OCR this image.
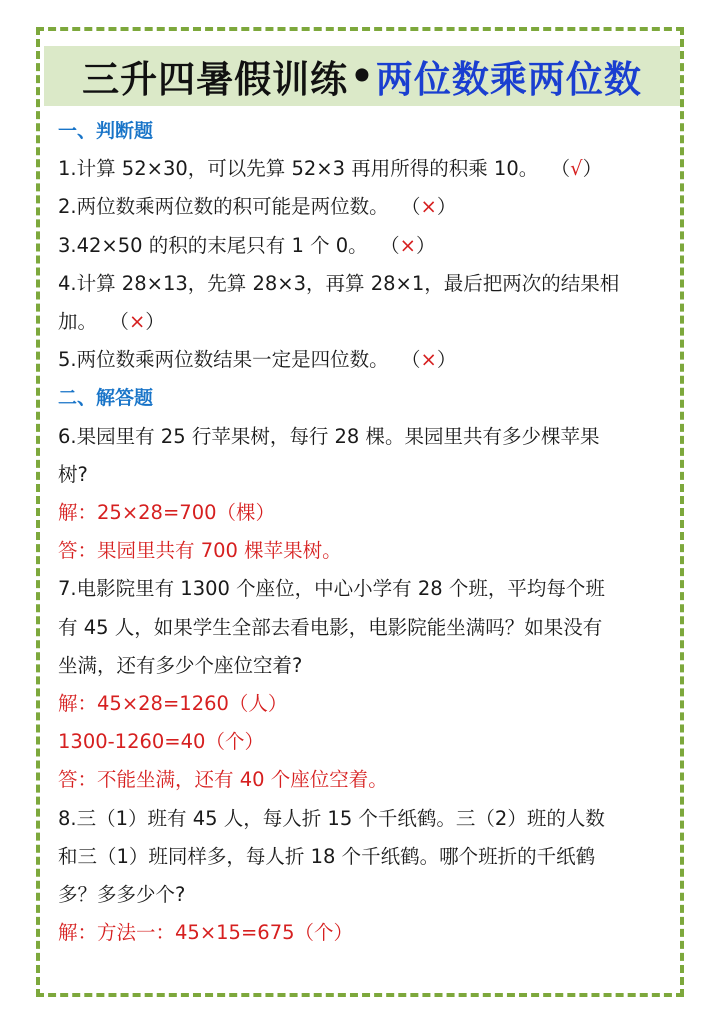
三升四暑假训练 • 两位数乘两位数
一、判断题
1.计算 52×30，可以先算 52×3 再用所得的积乘 10。 （√）
2.两位数乘两位数的积可能是两位数。 （×）
3.42×50 的积的末尾只有 1 个 0。 （×）
4.计算 28×13，先算 28×3，再算 28×1，最后把两次的结果相
加。 （×）
5.两位数乘两位数结果一定是四位数。 （×）
二、解答题
6.果园里有 25 行苹果树，每行 28 棵。果园里共有多少棵苹果
树?
解：25×28=700（棵）
答：果园里共有 700 棵苹果树。
7.电影院里有 1300 个座位，中心小学有 28 个班，平均每个班
有 45 人，如果学生全部去看电影，电影院能坐满吗？如果没有
坐满，还有多少个座位空着?
解：45×28=1260（人）
1300-1260=40（个）
答：不能坐满，还有 40 个座位空着。
8.三（1）班有 45 人，每人折 15 个千纸鹤。三（2）班的人数
和三（1）班同样多，每人折 18 个千纸鹤。哪个班折的千纸鹤
多？多多少个?
解：方法一：45×15=675（个）
